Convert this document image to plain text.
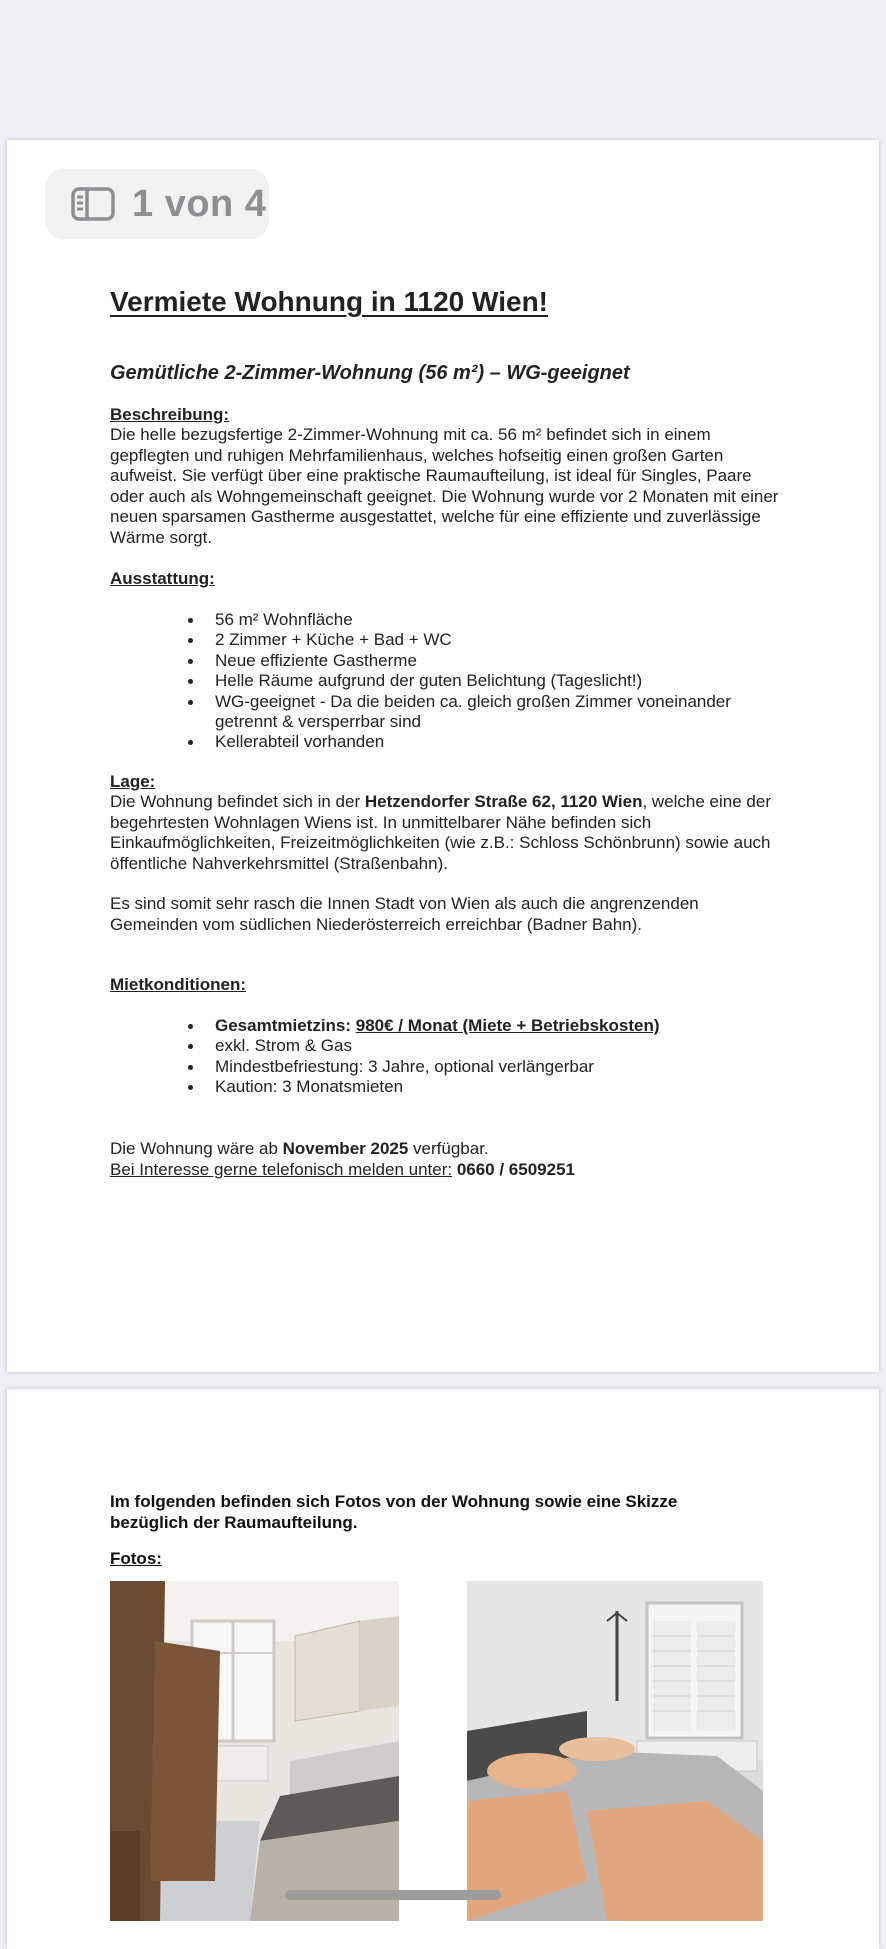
1 von 4
Vermiete Wohnung in 1120 Wien!
Gemütliche 2-Zimmer-Wohnung (56 m²) – WG-geeignet
Beschreibung:
Die helle bezugsfertige 2-Zimmer-Wohnung mit ca. 56 m² befindet sich in einem gepflegten und ruhigen Mehrfamilienhaus, welches hofseitig einen großen Garten aufweist. Sie verfügt über eine praktische Raumaufteilung, ist ideal für Singles, Paare oder auch als Wohngemeinschaft geeignet. Die Wohnung wurde vor 2 Monaten mit einer neuen sparsamen Gastherme ausgestattet, welche für eine effiziente und zuverlässige Wärme sorgt.
Ausstattung:
56 m² Wohnfläche
2 Zimmer + Küche + Bad + WC
Neue effiziente Gastherme
Helle Räume aufgrund der guten Belichtung (Tageslicht!)
WG-geeignet - Da die beiden ca. gleich großen Zimmer voneinander getrennt & versperrbar sind
Kellerabteil vorhanden
Lage:
Die Wohnung befindet sich in der Hetzendorfer Straße 62, 1120 Wien, welche eine der begehrtesten Wohnlagen Wiens ist. In unmittelbarer Nähe befinden sich Einkaufmöglichkeiten, Freizeitmöglichkeiten (wie z.B.: Schloss Schönbrunn) sowie auch öffentliche Nahverkehrsmittel (Straßenbahn).
Es sind somit sehr rasch die Innen Stadt von Wien als auch die angrenzenden Gemeinden vom südlichen Niederösterreich erreichbar (Badner Bahn).
Mietkonditionen:
Gesamtmietzins: 980€ / Monat (Miete + Betriebskosten)
exkl. Strom & Gas
Mindestbefriestung: 3 Jahre, optional verlängerbar
Kaution: 3 Monatsmieten
Die Wohnung wäre ab November 2025 verfügbar.
Bei Interesse gerne telefonisch melden unter: 0660 / 6509251
Im folgenden befinden sich Fotos von der Wohnung sowie eine Skizze bezüglich der Raumaufteilung.
Fotos:
